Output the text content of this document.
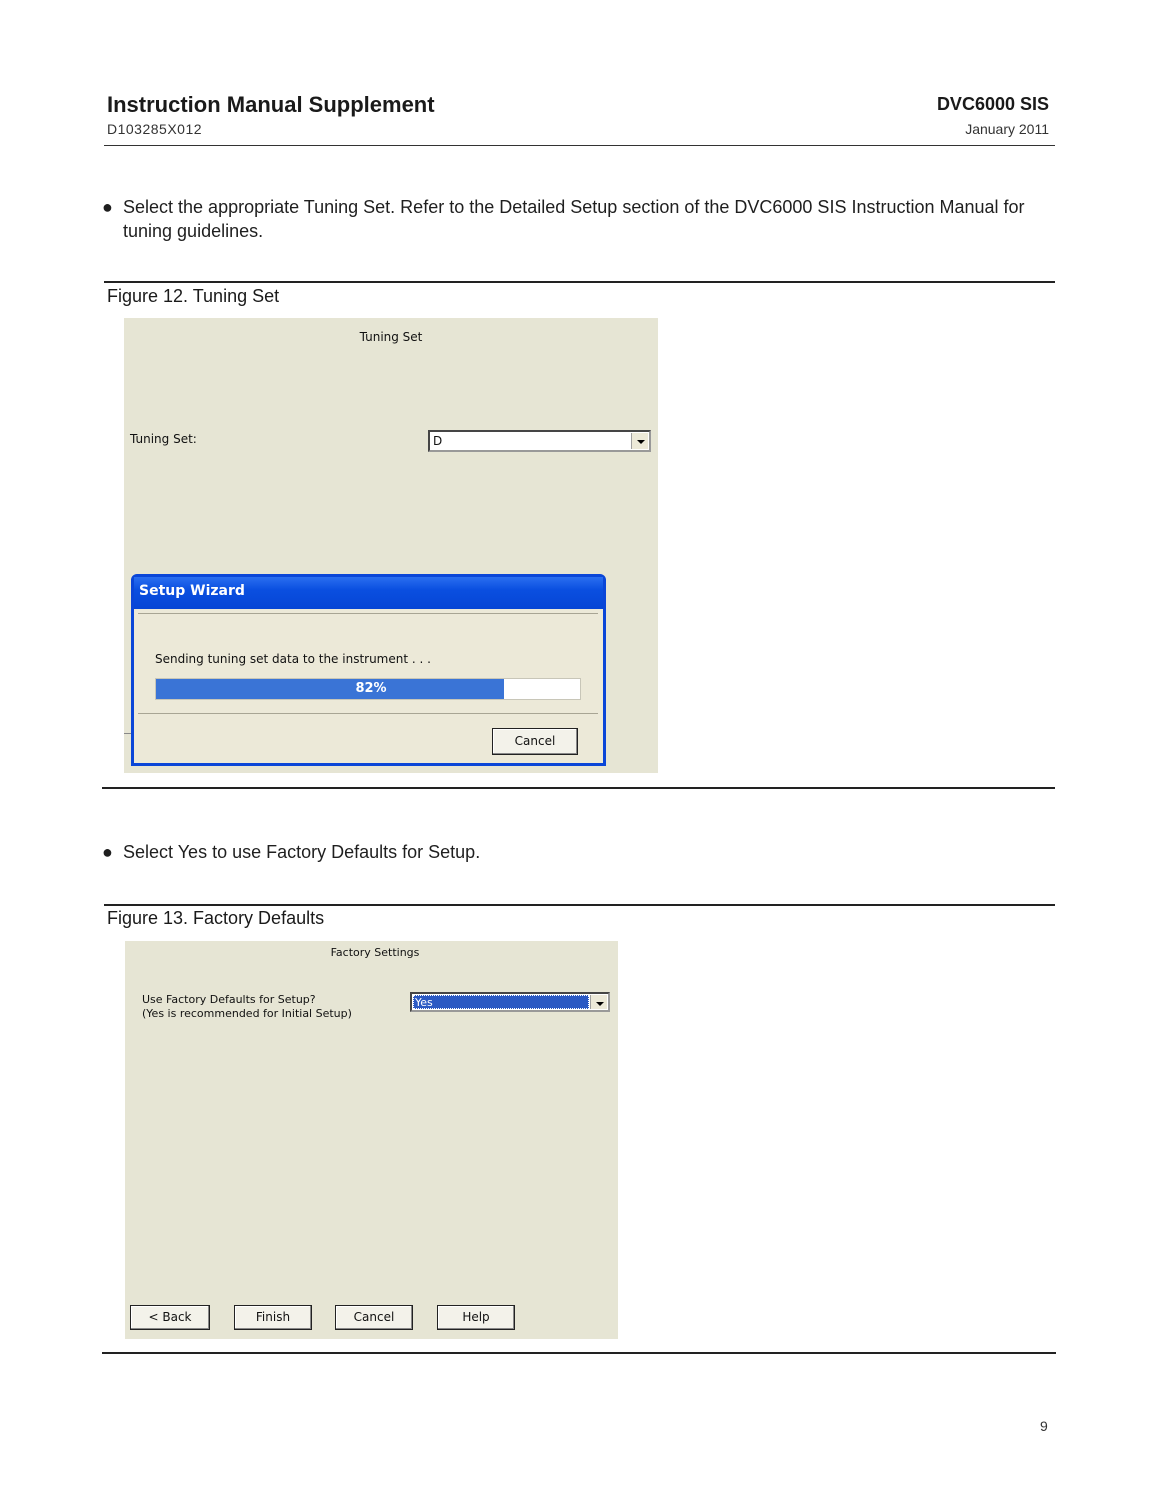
Instruction Manual Supplement
D103285X012
DVC6000 SIS
January 2011
● Select the appropriate Tuning Set. Refer to the Detailed Setup section of the DVC6000 SIS Instruction Manual for
tuning guidelines.
Figure 12. Tuning Set
Tuning Set
Tuning Set:	D
Setup Wizard
Sending tuning set data to the instrument . . .
82%
Cancel
● Select Yes to use Factory Defaults for Setup.
Figure 13. Factory Defaults
Factory Settings
Use Factory Defaults for Setup?
(Yes is recommended for Initial Setup)
Yes
< Back	Finish	Cancel	Help
9
